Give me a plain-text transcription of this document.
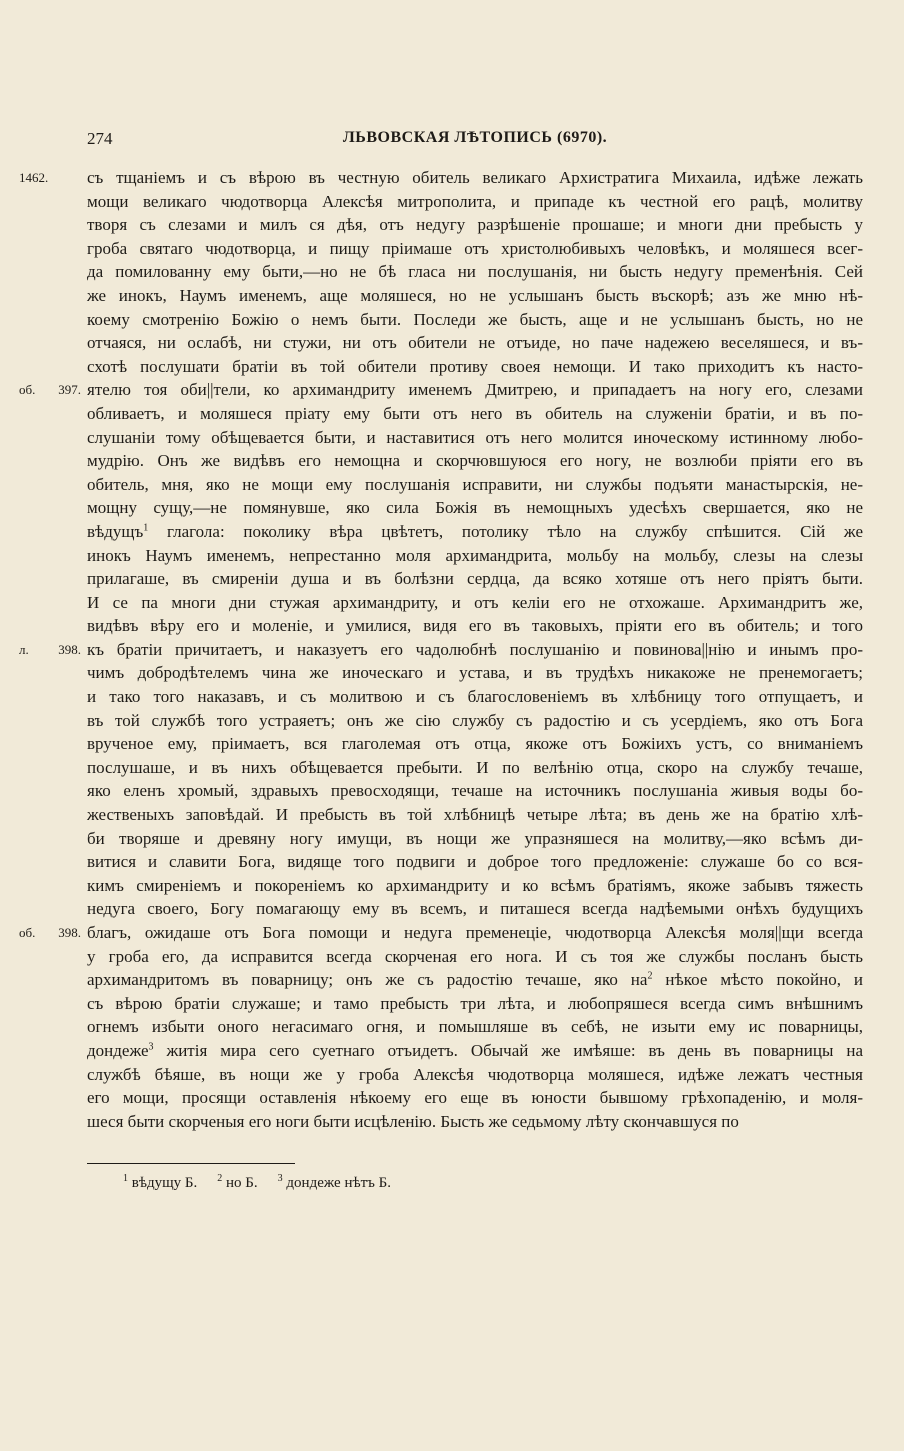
274	ЛЬВОВСКАЯ ЛѢТОПИСЬ (6970).
1462.	съ тщаніемъ и съ вѣрою въ честную обитель великаго Архистратига Михаила, идѣже лежать
мощи великаго чюдотворца Алексѣя митрополита, и припаде къ честной его рацѣ, молитву
творя съ слезами и милъ ся дѣя, отъ недугу разрѣшеніе прошаше; и многи дни пребысть у
гроба святаго чюдотворца, и пищу пріимаше отъ христолюбивыхъ человѣкъ, и моляшеся всег-
да помилованну ему быти,—но не бѣ гласа ни послушанія, ни бысть недугу пременѣнія. Сей
же инокъ, Наумъ именемъ, аще моляшеся, но не услышанъ бысть въскорѣ; азъ же мню нѣ-
коему смотренію Божію о немъ быти. Последи же бысть, аще и не услышанъ бысть, но не
отчаяся, ни ослабѣ, ни стужи, ни отъ обители не отъиде, но паче надежею веселяшеся, и въ-
схотѣ послушати братіи въ той обители противу своея немощи. И тако приходитъ къ насто-
об. 397. ятелю тоя оби||тели, ко архимандриту именемъ Дмитрею, и припадаетъ на ногу его, слезами
обливаетъ, и моляшеся пріату ему быти отъ него въ обитель на служеніи братіи, и въ по-
слушаніи тому обѣщевается быти, и наставитися отъ него молится иноческому истинному любо-
мудрію. Онъ же видѣвъ его немощна и скорчювшуюся его ногу, не возлюби пріяти его въ
обитель, мня, яко не мощи ему послушанія исправити, ни службы подъяти манастырскія, не-
мощну сущу,—не помянувше, яко сила Божія въ немощныхъ удесѣхъ свершается, яко не
вѣдущъ$^1$ глагола: поколику вѣра цвѣтетъ, потолику тѣло на службу спѣшится. Сій же
инокъ Наумъ именемъ, непрестанно моля архимандрита, мольбу на мольбу, слезы на слезы
прилагаше, въ смиреніи душа и въ болѣзни сердца, да всяко хотяше отъ него пріятъ быти.
И се па многи дни стужая архимандриту, и отъ келіи его не отхожаше. Архимандритъ же,
видѣвъ вѣру его и моленіе, и умилися, видя его въ таковыхъ, пріяти его въ обитель; и того
л. 398. къ братіи причитаетъ, и наказуетъ его чадолюбнѣ послушанію и повинова||нію и инымъ про-
чимъ добродѣтелемъ чина же иноческаго и устава, и въ трудѣхъ никакоже не пренемогаетъ;
и тако того наказавъ, и съ молитвою и съ благословеніемъ въ хлѣбницу того отпущаетъ, и
въ той службѣ того устраяетъ; онъ же сію службу съ радостію и съ усердіемъ, яко отъ Бога
врученое ему, пріимаетъ, вся глаголемая отъ отца, якоже отъ Божіихъ устъ, со вниманіемъ
послушаше, и въ нихъ обѣщевается пребыти. И по велѣнію отца, скоро на службу течаше,
яко еленъ хромый, здравыхъ превосходящи, течаше на источникъ послушаніа живыя воды бо-
жественыхъ заповѣдай. И пребысть въ той хлѣбницѣ четыре лѣта; въ день же на братію хлѣ-
би творяше и древяну ногу имущи, въ нощи же упразняшеся на молитву,—яко всѣмъ ди-
витися и славити Бога, видяще того подвиги и доброе того предложеніе: служаше бо со вся-
кимъ смиреніемъ и покореніемъ ко архимандриту и ко всѣмъ братіямъ, якоже забывъ тяжесть
недуга своего, Богу помагающу ему въ всемъ, и питашеся всегда надѣемыми онѣхъ будущихъ
об. 398. благъ, ожидаше отъ Бога помощи и недуга пременеціе, чюдотворца Алексѣя моля||щи всегда
у гроба его, да исправится всегда скорченая его нога. И съ тоя же службы посланъ бысть
архимандритомъ въ поварницу; онъ же съ радостію течаше, яко $на^2$ нѣкое мѣсто покойно, и
съ вѣрою братіи служаше; и тамо пребысть три лѣта, и любопряшеся всегда симъ внѣшнимъ
огнемъ избыти оного негасимаго огня, и помышляше въ себѣ, не изыти ему ис поварницы,
дондеже$^3$ житія мира сего суетнаго отъидетъ. Обычай же имѣяше: въ день въ поварницы на
службѣ бѣяше, въ нощи же у гроба Алексѣя чюдотворца моляшеся, идѣже лежатъ честныя
его мощи, просящи оставленія нѣкоему его еще въ юности бывшому грѣхопаденію, и моля-
шеся быти скорченыя его ноги быти исцѣленію. Бысть же седьмому лѣту скончавшуся по
$^1$ вѣдущу Б. $^2$ но Б. $^3$ дондеже нѣтъ Б.
